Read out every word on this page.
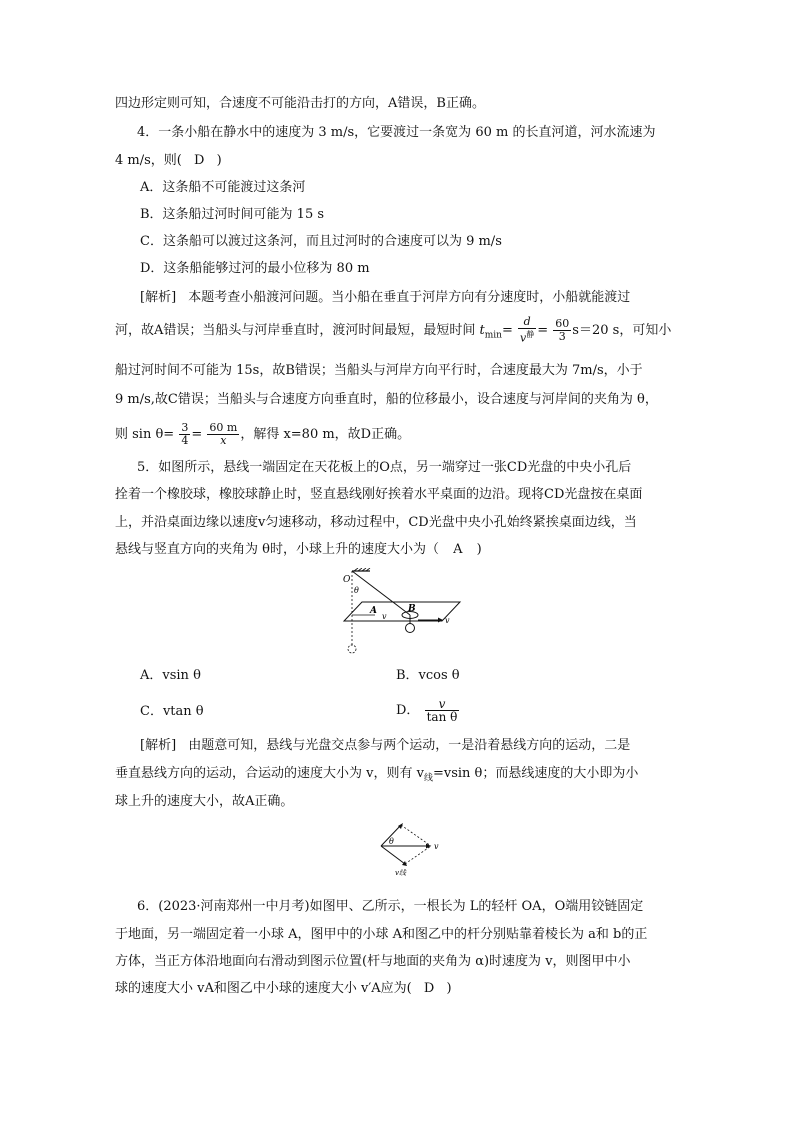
四边形定则可知，合速度不可能沿击打的方向，A错误，B正确。
4．一条小船在静水中的速度为 3 m/s，它要渡过一条宽为 60 m 的长直河道，河水流速为
4 m/s，则( D )
A．这条船不可能渡过这条河
B．这条船过河时间可能为 15 s
C．这条船可以渡过这条河，而且过河时的合速度可以为 9 m/s
D．这条船能够过河的最小位移为 80 m
[解析] 本题考查小船渡河问题。当小船在垂直于河岸方向有分速度时，小船就能渡过
河，故A错误；当船头与河岸垂直时，渡河时间最短，最短时间 $t_{min}= \frac{d}{v^静} = \frac{60}{3} s=20$ s，可知小
船过河时间不可能为 15s，故B错误；当船头与河岸方向平行时，合速度最大为 7m/s，小于
9 m/s,故C错误；当船头与合速度方向垂直时，船的位移最小，设合速度与河岸间的夹角为 θ，
则 $\sin \theta= \frac{3}{4} = \frac{60 m}{x}$ ，解得 x=80 m，故D正确。
5．如图所示，悬线一端固定在天花板上的O点，另一端穿过一张CD光盘的中央小孔后
拴着一个橡胶球，橡胶球静止时，竖直悬线刚好挨着水平桌面的边沿。现将CD光盘按在桌面
上，并沿桌面边缘以速度v匀速移动，移动过程中，CD光盘中央小孔始终紧挨桌面边线，当
悬线与竖直方向的夹角为 θ时，小球上升的速度大小为（ A )
O
θ
A	B
v	v
A．vsin θ	B．vcos θ
C．vtan θ	D． $\frac{v}{\text{tan θ}}$
[解析] 由题意可知，悬线与光盘交点参与两个运动，一是沿着悬线方向的运动，二是
垂直悬线方向的运动，合运动的速度大小为 v，则有 $v_线=vsin$ θ；而悬线速度的大小即为小
球上升的速度大小，故A正确。
v
θ
v线
6．(2023·河南郑州一中月考)如图甲、乙所示，一根长为 L的轻杆 OA，O端用铰链固定
于地面，另一端固定着一小球 A，图甲中的小球 A和图乙中的杆分别贴靠着棱长为 a和 b的正
方体，当正方体沿地面向右滑动到图示位置(杆与地面的夹角为 α)时速度为 v，则图甲中小
球的速度大小 vA和图乙中小球的速度大小 v′A应为( D )
